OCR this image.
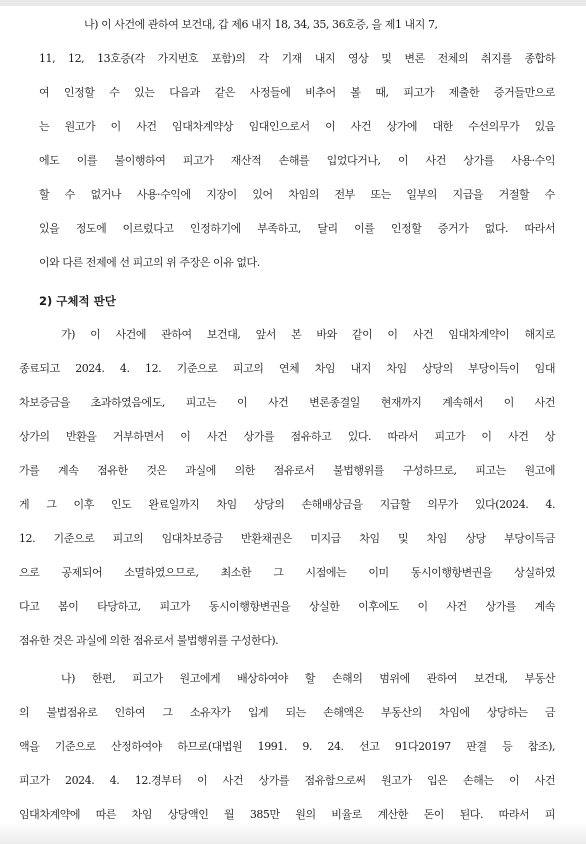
나) 이 사건에 관하여 보건대, 갑 제6 내지 18, 34, 35, 36호증, 을 제1 내지 7,
11, 12, 13호증(각 가지번호 포함)의 각 기재 내지 영상 및 변론 전체의 취지를 종합하
여 인정할 수 있는 다음과 같은 사정들에 비추어 볼 때, 피고가 제출한 증거들만으로
는 원고가 이 사건 임대차계약상 임대인으로서 이 사건 상가에 대한 수선의무가 있음
에도 이를 불이행하여 피고가 재산적 손해를 입었다거나, 이 사건 상가를 사용·수익
할 수 없거나 사용·수익에 지장이 있어 차임의 전부 또는 일부의 지급을 거절할 수
있을 정도에 이르렀다고 인정하기에 부족하고, 달리 이를 인정할 증거가 없다. 따라서
이와 다른 전제에 선 피고의 위 주장은 이유 없다.
2) 구체적 판단
가) 이 사건에 관하여 보건대, 앞서 본 바와 같이 이 사건 임대차계약이 해지로
종료되고 2024. 4. 12. 기준으로 피고의 연체 차임 내지 차임 상당의 부당이득이 임대
차보증금을 초과하였음에도, 피고는 이 사건 변론종결일 현재까지 계속해서 이 사건
상가의 반환을 거부하면서 이 사건 상가를 점유하고 있다. 따라서 피고가 이 사건 상
가를 계속 점유한 것은 과실에 의한 점유로서 불법행위를 구성하므로, 피고는 원고에
게 그 이후 인도 완료일까지 차임 상당의 손해배상금을 지급할 의무가 있다(2024. 4.
12. 기준으로 피고의 임대차보증금 반환채권은 미지급 차임 및 차임 상당 부당이득금
으로 공제되어 소멸하였으므로, 최소한 그 시점에는 이미 동시이행항변권을 상실하였
다고 봄이 타당하고, 피고가 동시이행항변권을 상실한 이후에도 이 사건 상가를 계속
점유한 것은 과실에 의한 점유로서 불법행위를 구성한다).
나) 한편, 피고가 원고에게 배상하여야 할 손해의 범위에 관하여 보건대, 부동산
의 불법점유로 인하여 그 소유자가 입게 되는 손해액은 부동산의 차임에 상당하는 금
액을 기준으로 산정하여야 하므로(대법원 1991. 9. 24. 선고 91다20197 판결 등 참조),
피고가 2024. 4. 12.경부터 이 사건 상가를 점유함으로써 원고가 입은 손해는 이 사건
임대차계약에 따른 차임 상당액인 월 385만 원의 비율로 계산한 돈이 된다. 따라서 피
